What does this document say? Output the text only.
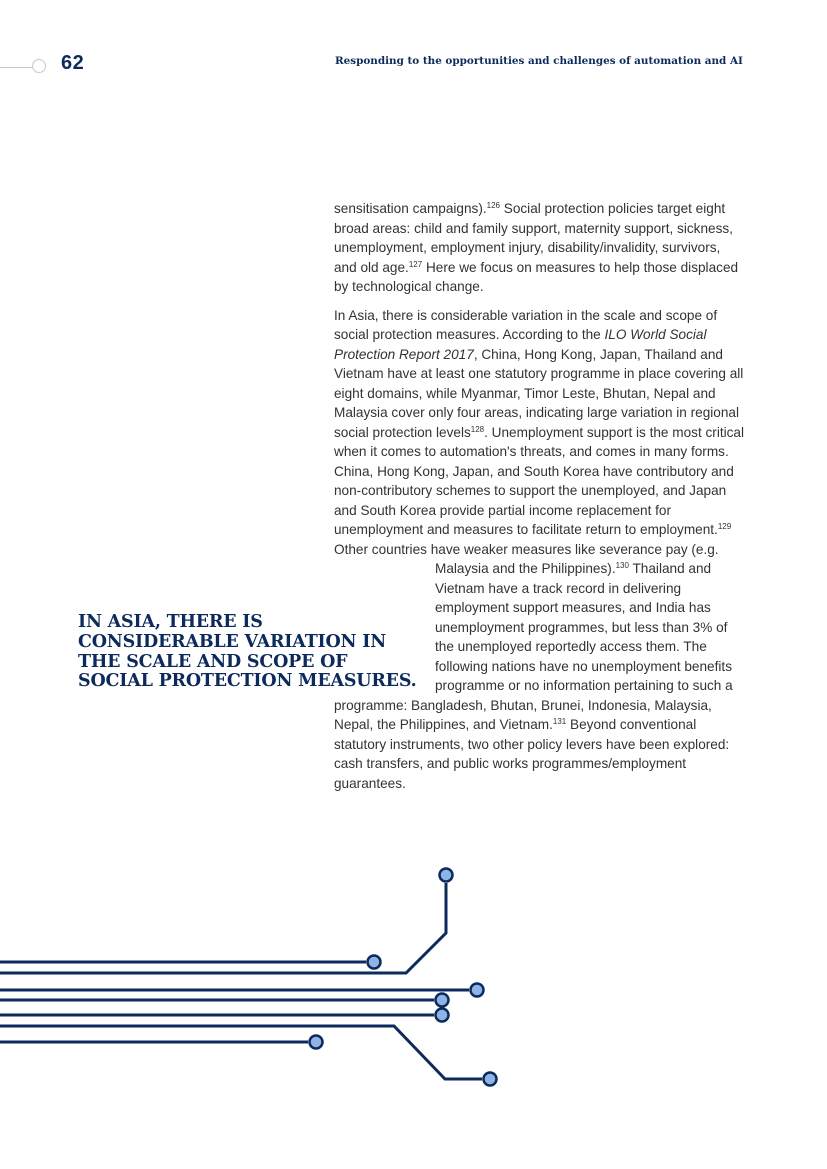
62	Responding to the opportunities and challenges of automation and AI

sensitisation campaigns).$^{126}$ Social protection policies target eight broad areas: child and family support, maternity support, sickness, unemployment, employment injury, disability/invalidity, survivors, and old age.$^{127}$ Here we focus on measures to help those displaced by technological change.

In Asia, there is considerable variation in the scale and scope of social protection measures. According to the ILO World Social Protection Report 2017, China, Hong Kong, Japan, Thailand and Vietnam have at least one statutory programme in place covering all eight domains, while Myanmar, Timor Leste, Bhutan, Nepal and Malaysia cover only four areas, indicating large variation in regional social protection levels$^{128}$. Unemployment support is the most critical when it comes to automation's threats, and comes in many forms. China, Hong Kong, Japan, and South Korea have contributory and non-contributory schemes to support the unemployed, and Japan and South Korea provide partial income replacement for unemployment and measures to facilitate return to employment.$^{129}$ Other countries have weaker measures like severance pay (e.g. Malaysia and the Philippines).$^{130}$
Thailand and Vietnam have a track record in delivering employment support measures, and India has unemployment programmes, but less than 3% of the unemployed reportedly access them. The following nations have no unemployment benefits programme or no information pertaining to such a programme: Bangladesh, Bhutan, Brunei, Indonesia, Malaysia, Nepal, the Philippines, and Vietnam.$^{131}$ Beyond conventional statutory instruments, two other policy levers have been explored: cash transfers, and public works programmes/employment guarantees.

IN ASIA, THERE IS CONSIDERABLE VARIATION IN THE SCALE AND SCOPE OF SOCIAL PROTECTION MEASURES.
